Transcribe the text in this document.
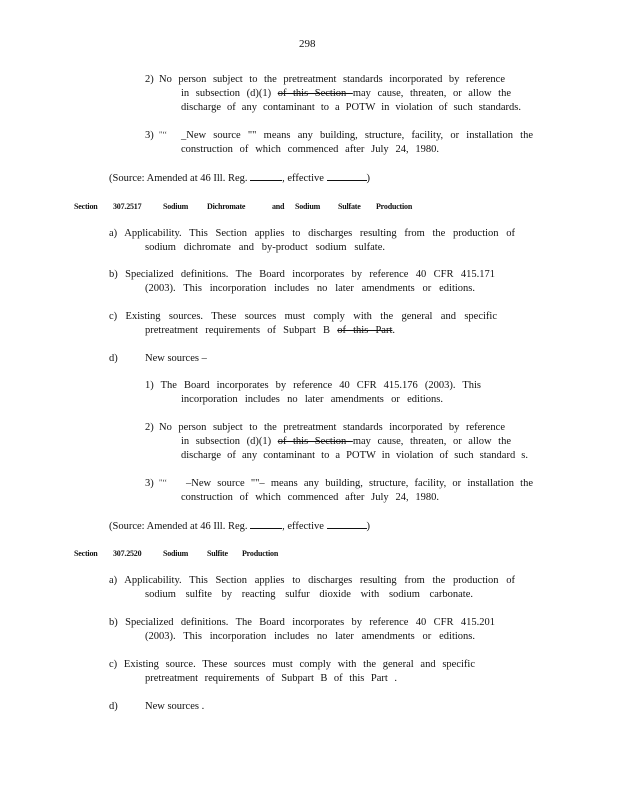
298
2) No person subject to the pretreatment standards incorporated by reference
in subsection (d)(1) of this Section may cause, threaten, or allow the
discharge of any contaminant to a POTW in violation of such standards.
3) "‘‘ _New source "" means any building, structure, facility, or installation the
construction of which commenced after July 24, 1980.
(Source: Amended at 46 Ill. Reg.	, effective	)
Section 307.2517	Sodium Dichromate	and Sodium Sulfate Production
a) Applicability. This Section applies to discharges resulting from the production of
sodium dichromate and by-product sodium sulfate.
b) Specialized definitions. The Board incorporates by reference 40 CFR 415.171
(2003). This incorporation includes no later amendments or editions.
c) Existing sources. These sources must comply with the general and specific
pretreatment requirements of Subpart B of this Part.
d)	New sources –
1) The Board incorporates by reference 40 CFR 415.176 (2003). This
incorporation includes no later amendments or editions.
2) No person subject to the pretreatment standards incorporated by reference
in subsection (d)(1) of this Section may cause, threaten, or allow the
discharge of any contaminant to a POTW in violation of such standard s.
3) "‘‘ –New source ""– means any building, structure, facility, or installation the
construction of which commenced after July 24, 1980.
(Source: Amended at 46 Ill. Reg.	, effective	)
Section 307.2520	Sodium Sulfite Production
a) Applicability. This Section applies to discharges resulting from the production of
sodium sulfite by reacting sulfur dioxide with sodium carbonate.
b) Specialized definitions. The Board incorporates by reference 40 CFR 415.201
(2003). This incorporation includes no later amendments or editions.
c) Existing source. These sources must comply with the general and specific
pretreatment requirements of Subpart B of this Part .
d)	New sources .
